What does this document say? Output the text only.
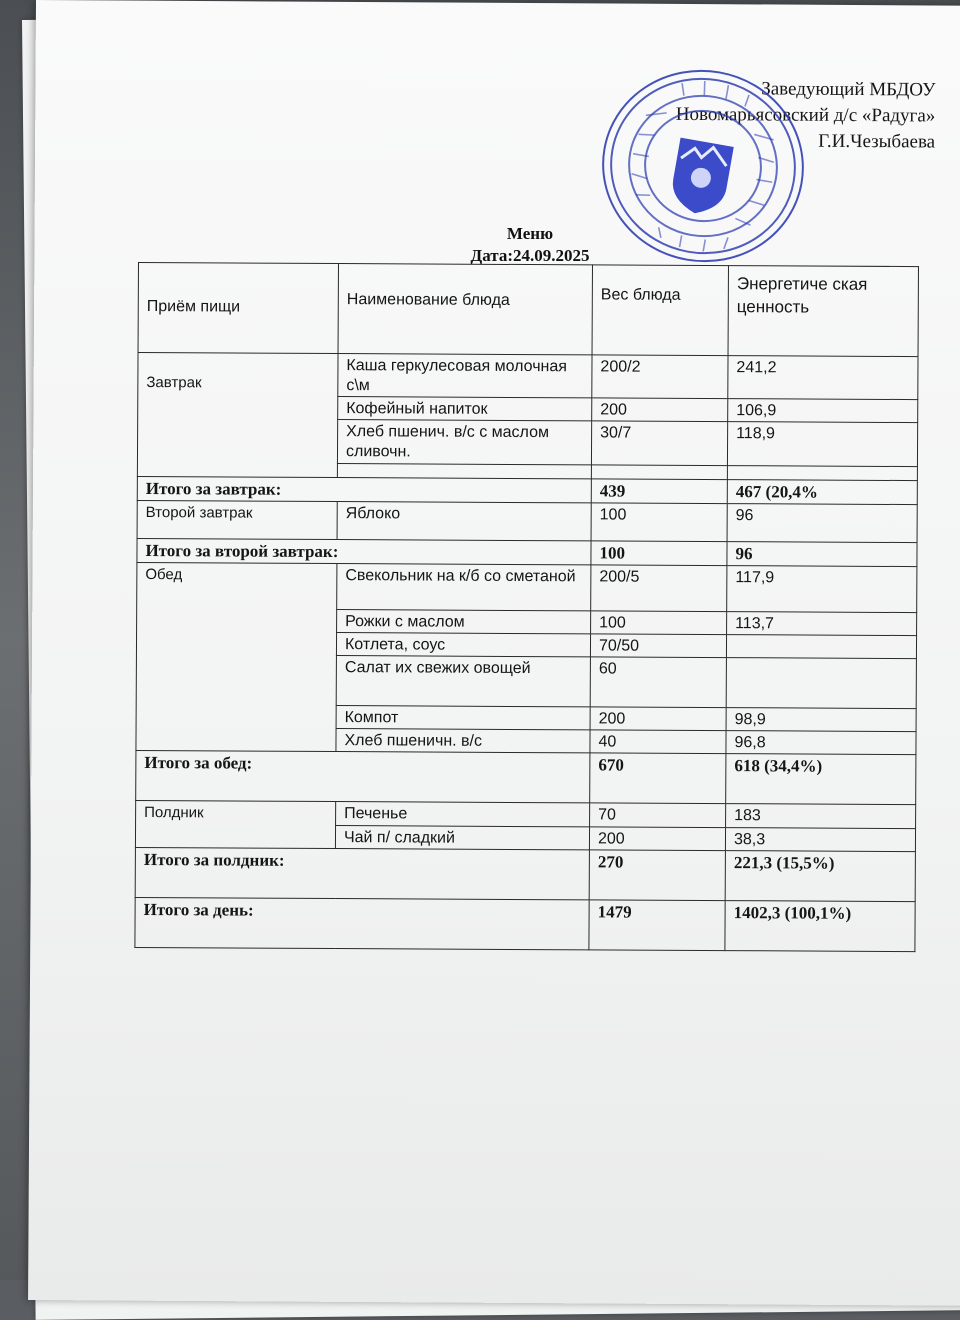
Заведующий МБДОУ
Новомарьясовский д/с «Радуга»
Г.И.Чезыбаева
Меню
Дата:24.09.2025
Приём пищи	Наименование блюда	Вес блюда	Энергетиче ская ценность
Завтрак	Каша геркулесовая молочная с\м	200/2	241,2
	Кофейный напиток	200	106,9
	Хлеб пшенич. в/с с маслом сливочн.	30/7	118,9

Итого за завтрак:		439	467 (20,4%
Второй завтрак	Яблоко	100	96
Итого за второй завтрак:		100	96
Обед	Свекольник на к/б со сметаной	200/5	117,9
	Рожки с маслом	100	113,7
	Котлета, соус	70/50	
	Салат их свежих овощей	60	
	Компот	200	98,9
	Хлеб пшеничн. в/с	40	96,8
Итого за обед:		670	618 (34,4%)
Полдник	Печенье	70	183
	Чай п/ сладкий	200	38,3
Итого за полдник:		270	221,3 (15,5%)
Итого за день:		1479	1402,3 (100,1%)
